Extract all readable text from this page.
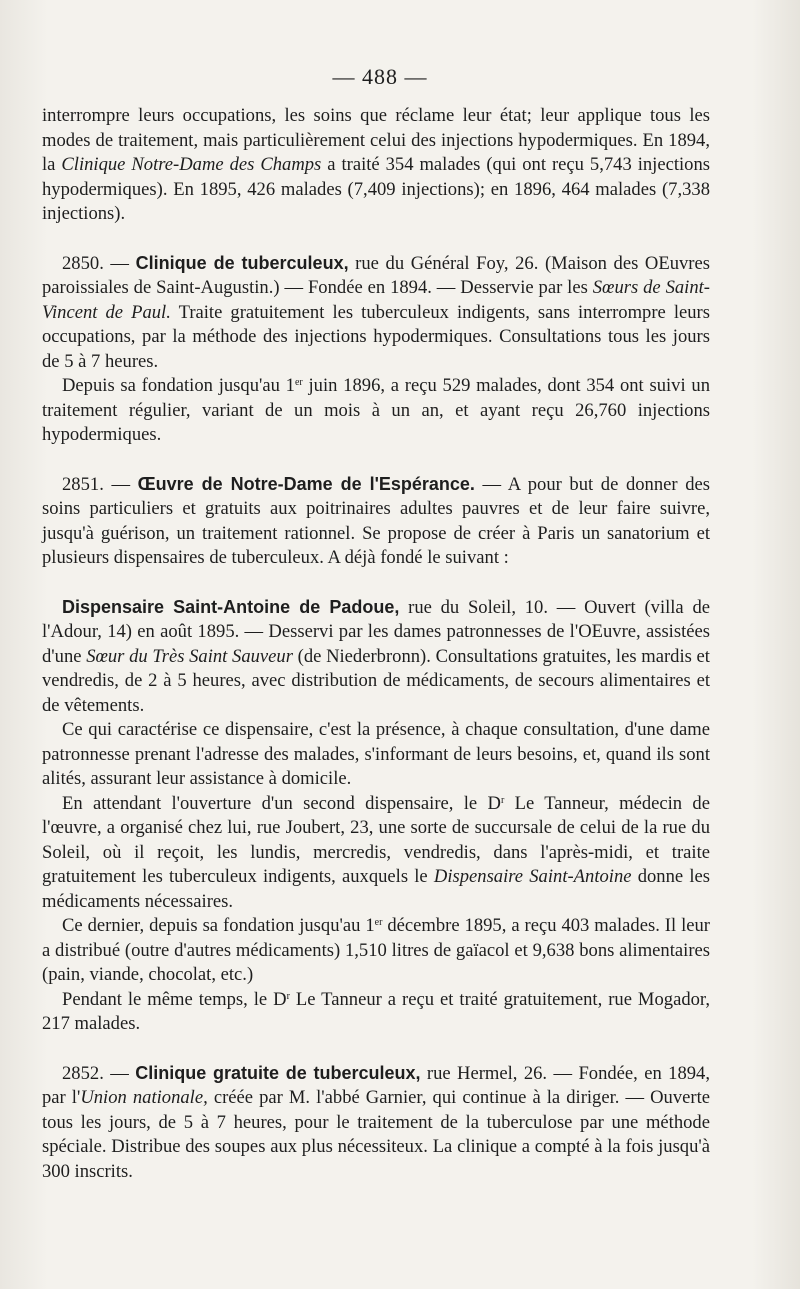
— 488 —

interrompre leurs occupations, les soins que réclame leur état; leur applique tous les modes de traitement, mais particulièrement celui des injections hypodermiques. En 1894, la Clinique Notre-Dame des Champs a traité 354 malades (qui ont reçu 5,743 injections hypodermiques). En 1895, 426 malades (7,409 injections); en 1896, 464 malades (7,338 injections).

2850. — Clinique de tuberculeux, rue du Général Foy, 26. (Maison des OEuvres paroissiales de Saint-Augustin.) — Fondée en 1894. — Desservie par les Sœurs de Saint-Vincent de Paul. Traite gratuitement les tuberculeux indigents, sans interrompre leurs occupations, par la méthode des injections hypodermiques. Consultations tous les jours de 5 à 7 heures.

Depuis sa fondation jusqu'au 1er juin 1896, a reçu 529 malades, dont 354 ont suivi un traitement régulier, variant de un mois à un an, et ayant reçu 26,760 injections hypodermiques.

2851. — Œuvre de Notre-Dame de l'Espérance. — A pour but de donner des soins particuliers et gratuits aux poitrinaires adultes pauvres et de leur faire suivre, jusqu'à guérison, un traitement rationnel. Se propose de créer à Paris un sanatorium et plusieurs dispensaires de tuberculeux. A déjà fondé le suivant :

Dispensaire Saint-Antoine de Padoue, rue du Soleil, 10. — Ouvert (villa de l'Adour, 14) en août 1895. — Desservi par les dames patronnesses de l'OEuvre, assistées d'une Sœur du Très Saint Sauveur (de Niederbronn). Consultations gratuites, les mardis et vendredis, de 2 à 5 heures, avec distribution de médicaments, de secours alimentaires et de vêtements.

Ce qui caractérise ce dispensaire, c'est la présence, à chaque consultation, d'une dame patronnesse prenant l'adresse des malades, s'informant de leurs besoins, et, quand ils sont alités, assurant leur assistance à domicile.

En attendant l'ouverture d'un second dispensaire, le $D^r$ Le Tanneur, médecin de l'œuvre, a organisé chez lui, rue Joubert, 23, une sorte de succursale de celui de la rue du Soleil, où il reçoit, les lundis, mercredis, vendredis, dans l'après-midi, et traite gratuitement les tuberculeux indigents, auxquels le Dispensaire Saint-Antoine donne les médicaments nécessaires.

Ce dernier, depuis sa fondation jusqu'au 1er décembre 1895, a reçu 403 malades. Il leur a distribué (outre d'autres médicaments) 1,510 litres de gaïacol et 9,638 bons alimentaires (pain, viande, chocolat, etc.)

Pendant le même temps, le $D^r$ Le Tanneur a reçu et traité gratuitement, rue Mogador, 217 malades.

2852. — Clinique gratuite de tuberculeux, rue Hermel, 26. — Fondée, en 1894, par l'Union nationale, créée par M. l'abbé Garnier, qui continue à la diriger. — Ouverte tous les jours, de 5 à 7 heures, pour le traitement de la tuberculose par une méthode spéciale. Distribue des soupes aux plus nécessiteux. La clinique a compté à la fois jusqu'à 300 inscrits.
